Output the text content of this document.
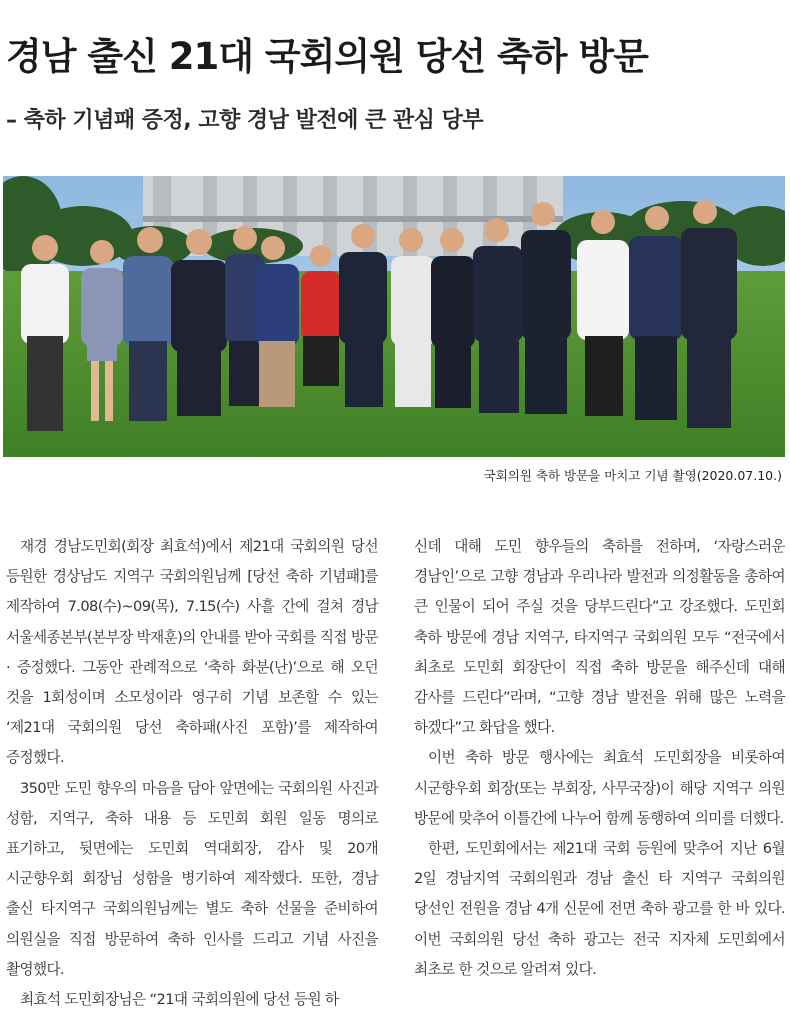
경남 출신 21대 국회의원 당선 축하 방문
– 축하 기념패 증정, 고향 경남 발전에 큰 관심 당부
국회의원 축하 방문을 마치고 기념 촬영(2020.07.10.)

재경 경남도민회(회장 최효석)에서 제21대 국회의원 당선 등원한 경상남도 지역구 국회의원님께 [당선 축하 기념패]를 제작하여 7.08(수)~09(목), 7.15(수) 사흘 간에 걸쳐 경남 서울세종본부(본부장 박재훈)의 안내를 받아 국회를 직접 방문 · 증정했다. 그동안 관례적으로 ‘축하 화분(난)’으로 해 오던 것을 1회성이며 소모성이라 영구히 기념 보존할 수 있는 ‘제21대 국회의원 당선 축하패(사진 포함)’를 제작하여 증정했다.

350만 도민 향우의 마음을 담아 앞면에는 국회의원 사진과 성함, 지역구, 축하 내용 등 도민회 회원 일동 명의로 표기하고, 뒷면에는 도민회 역대회장, 감사 및 20개 시군향우회 회장님 성함을 병기하여 제작했다. 또한, 경남 출신 타지역구 국회의원님께는 별도 축하 선물을 준비하여 의원실을 직접 방문하여 축하 인사를 드리고 기념 사진을 촬영했다.

최효석 도민회장님은 “21대 국회의원에 당선 등원 하

신데 대해 도민 향우들의 축하를 전하며, ‘자랑스러운 경남인’으로 고향 경남과 우리나라 발전과 의정활동을 총하여 큰 인물이 되어 주실 것을 당부드린다”고 강조했다. 도민회 축하 방문에 경남 지역구, 타지역구 국회의원 모두 “전국에서 최초로 도민회 회장단이 직접 축하 방문을 해주신데 대해 감사를 드린다”라며, “고향 경남 발전을 위해 많은 노력을 하겠다”고 화답을 했다.

이번 축하 방문 행사에는 최효석 도민회장을 비롯하여 시군향우회 회장(또는 부회장, 사무국장)이 해당 지역구 의원 방문에 맞추어 이틀간에 나누어 함께 동행하여 의미를 더했다.

한편, 도민회에서는 제21대 국회 등원에 맞추어 지난 6월 2일 경남지역 국회의원과 경남 출신 타 지역구 국회의원 당선인 전원을 경남 4개 신문에 전면 축하 광고를 한 바 있다. 이번 국회의원 당선 축하 광고는 전국 지자체 도민회에서 최초로 한 것으로 알려져 있다.
